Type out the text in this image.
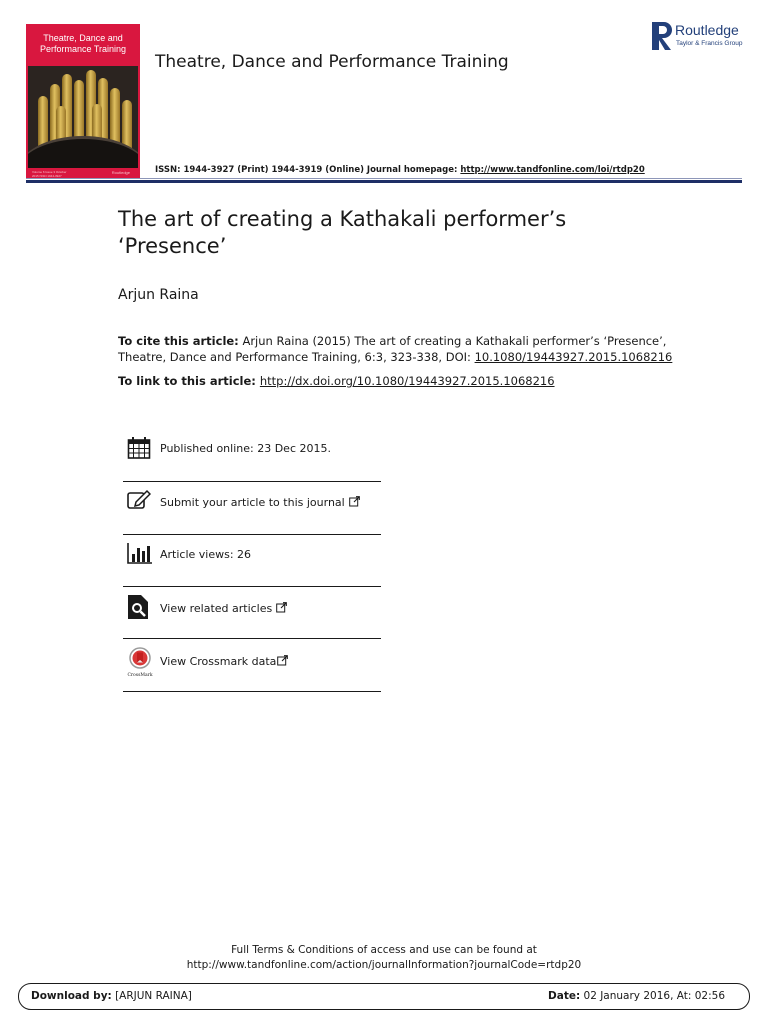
Theatre, Dance and
Performance Training
Volume 6 Issue 3 October 2015 ISSN 1944-3927
Routledge
Theatre, Dance and Performance Training
Routledge
Taylor & Francis Group
ISSN: 1944-3927 (Print) 1944-3919 (Online) Journal homepage: http://www.tandfonline.com/loi/rtdp20
The art of creating a Kathakali performer’s
‘Presence’
Arjun Raina
To cite this article: Arjun Raina (2015) The art of creating a Kathakali performer’s ‘Presence’,
Theatre, Dance and Performance Training, 6:3, 323-338, DOI: 10.1080/19443927.2015.1068216
To link to this article: http://dx.doi.org/10.1080/19443927.2015.1068216
Published online: 23 Dec 2015.
Submit your article to this journal
Article views: 26
View related articles
CrossMark
View Crossmark data
Full Terms & Conditions of access and use can be found at
http://www.tandfonline.com/action/journalInformation?journalCode=rtdp20
Download by: [ARJUN RAINA]	Date: 02 January 2016, At: 02:56
